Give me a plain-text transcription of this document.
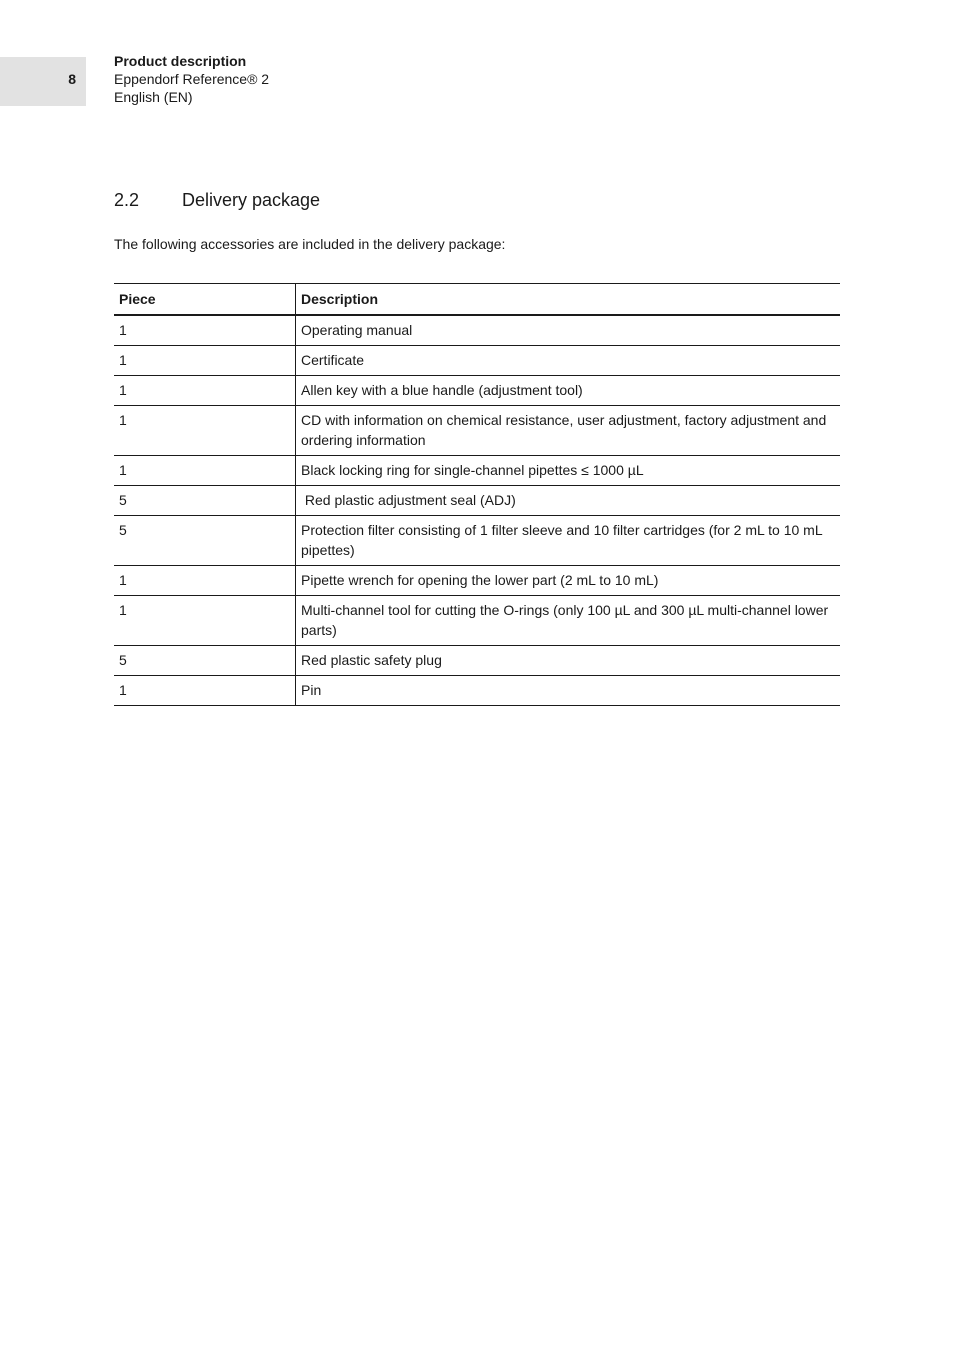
8
Product description
Eppendorf Reference® 2
English (EN)
2.2	Delivery package
The following accessories are included in the delivery package:
Piece	Description
1	Operating manual
1	Certificate
1	Allen key with a blue handle (adjustment tool)
1	CD with information on chemical resistance, user adjustment, factory adjustment and ordering information
1	Black locking ring for single-channel pipettes ≤ 1000 µL
5	Red plastic adjustment seal (ADJ)
5	Protection filter consisting of 1 filter sleeve and 10 filter cartridges (for 2 mL to 10 mL pipettes)
1	Pipette wrench for opening the lower part (2 mL to 10 mL)
1	Multi-channel tool for cutting the O-rings (only 100 µL and 300 µL multi-channel lower parts)
5	Red plastic safety plug
1	Pin
